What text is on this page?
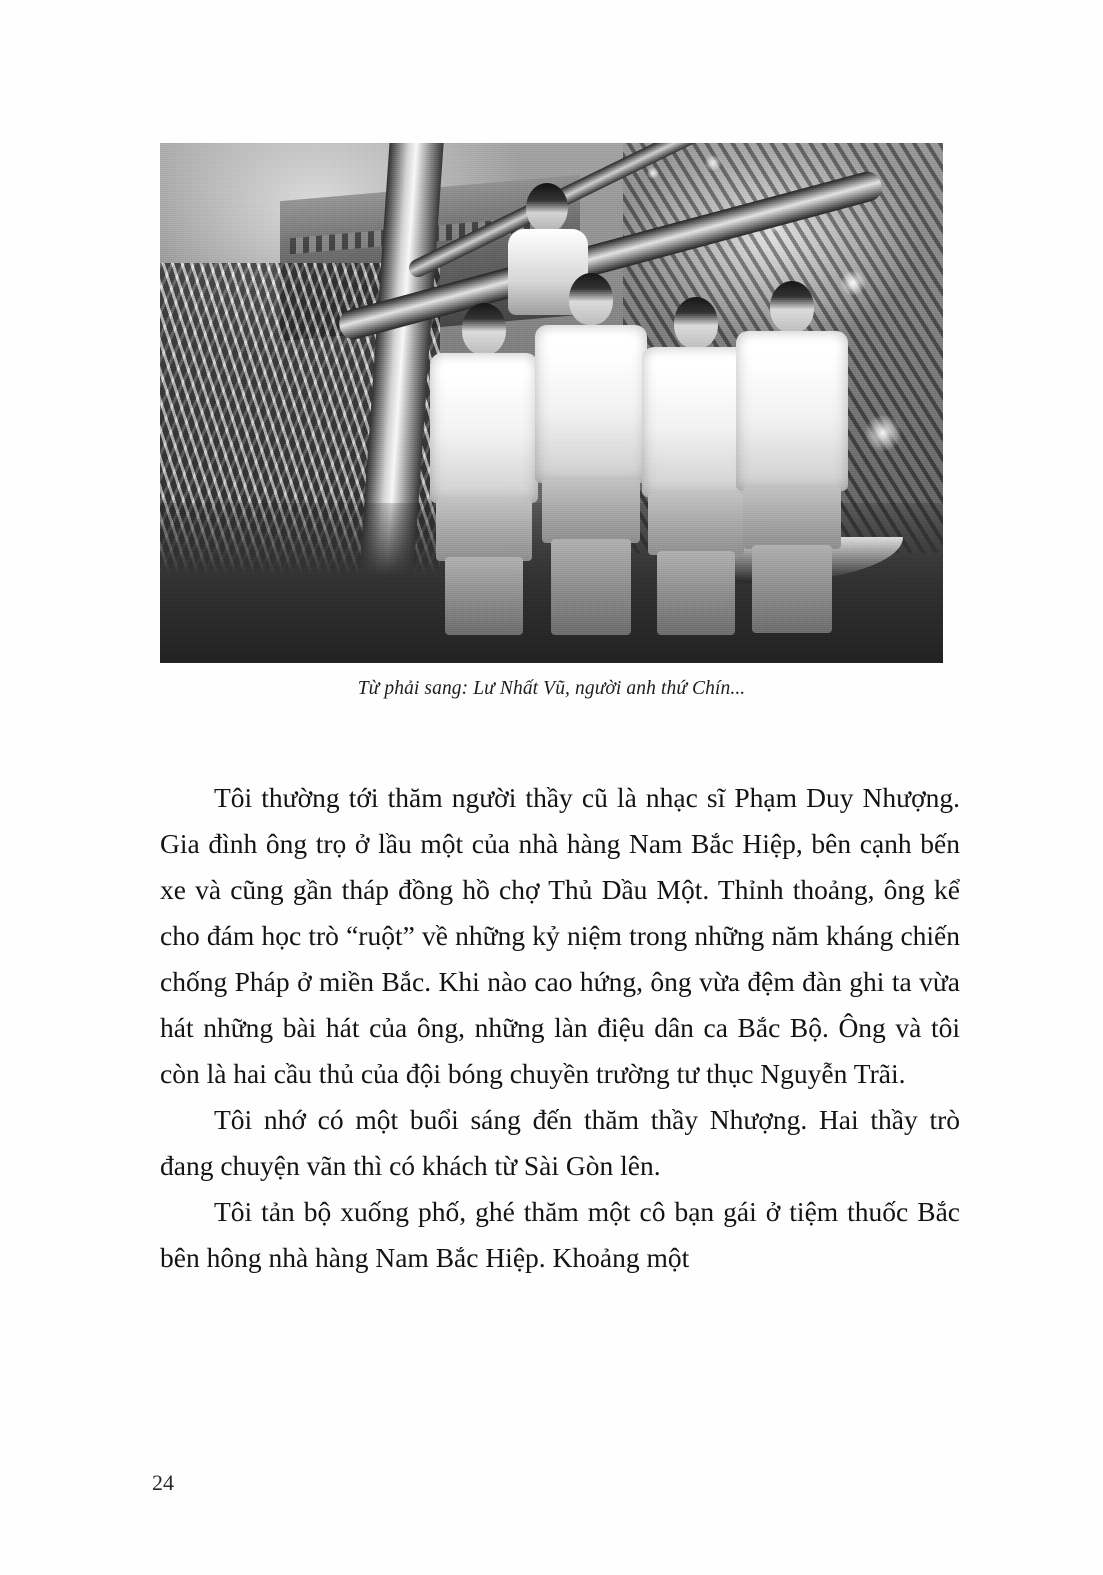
Từ phải sang: Lư Nhất Vũ, người anh thứ Chín...

Tôi thường tới thăm người thầy cũ là nhạc sĩ Phạm Duy Nhượng. Gia đình ông trọ ở lầu một của nhà hàng Nam Bắc Hiệp, bên cạnh bến xe và cũng gần tháp đồng hồ chợ Thủ Dầu Một. Thỉnh thoảng, ông kể cho đám học trò “ruột” về những kỷ niệm trong những năm kháng chiến chống Pháp ở miền Bắc. Khi nào cao hứng, ông vừa đệm đàn ghi ta vừa hát những bài hát của ông, những làn điệu dân ca Bắc Bộ. Ông và tôi còn là hai cầu thủ của đội bóng chuyền trường tư thục Nguyễn Trãi.

Tôi nhớ có một buổi sáng đến thăm thầy Nhượng. Hai thầy trò đang chuyện vãn thì có khách từ Sài Gòn lên.

Tôi tản bộ xuống phố, ghé thăm một cô bạn gái ở tiệm thuốc Bắc bên hông nhà hàng Nam Bắc Hiệp. Khoảng một

24
